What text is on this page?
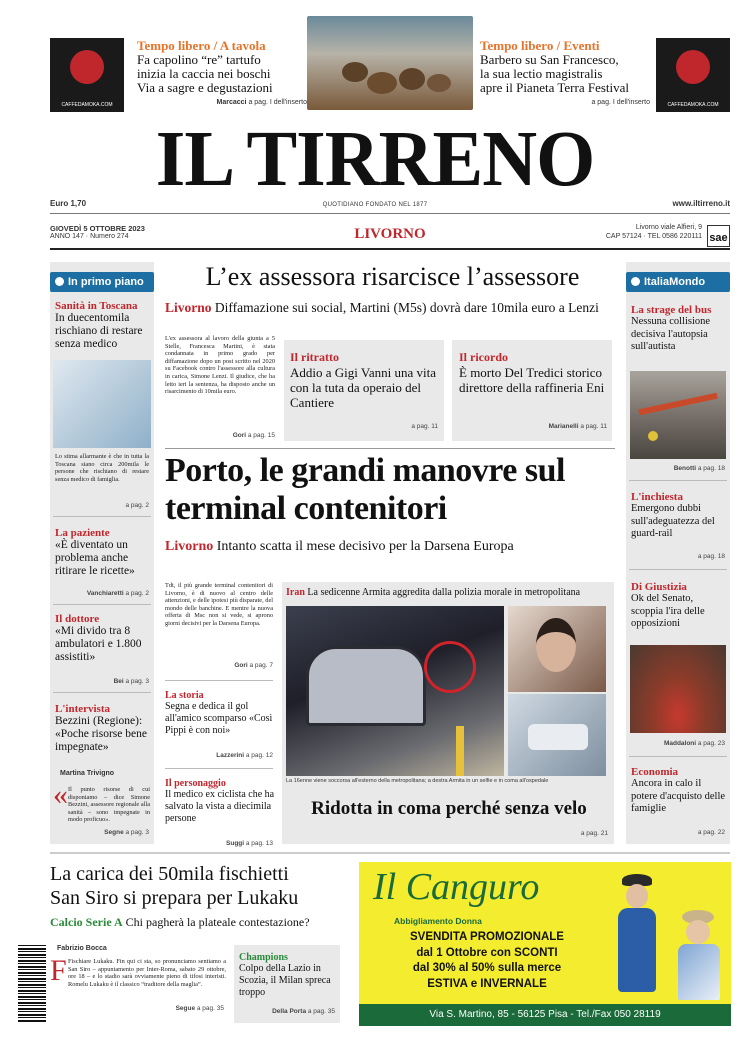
CAFFEDAMOKA.COM
Tempo libero / A tavola
Fa capolino “re” tartufo
inizia la caccia nei boschi
Via a sagre e degustazioni
Marcacci a pag. I dell'inserto
Tempo libero / Eventi
Barbero su San Francesco,
la sua lectio magistralis
apre il Pianeta Terra Festival
a pag. I dell'inserto	CAFFEDAMOKA.COM
IL TIRRENO
Euro 1,70	QUOTIDIANO FONDATO NEL 1877	www.iltirreno.it
GIOVEDÌ 5 OTTOBRE 2023
ANNO 147 · Numero 274	LIVORNO	Livorno viale Alfieri, 9
CAP 57124 · TEL 0586 220111 sae
In primo piano
Sanità in Toscana
In duecentomila rischiano di restare senza medico
Lo stima allarmante è che in tutta la Toscana siano circa 200mila le persone che rischiano di restare senza medico di famiglia.
a pag. 2
La paziente
«È diventato un problema anche ritirare le ricette»
Vanchiaretti a pag. 2
Il dottore
«Mi divido tra 8 ambulatori e 1.800 assistiti»
Bei a pag. 3
L'intervista
Bezzini (Regione): «Poche risorse bene impegnate»
Martina Trivigno
« Il punto risorse di cui disponiamo – dice Simone Bezzini, assessore regionale alla sanità – sono impegnate in modo proficuo».
Segne a pag. 3
L’ex assessora risarcisce l’assessore
Livorno Diffamazione sui social, Martini (M5s) dovrà dare 10mila euro a Lenzi
L'ex assessora al lavoro della giunta a 5 Stelle, Francesca Martini, è stata condannata in primo grado per diffamazione dopo un post scritto nel 2020 su Facebook contro l'assessore alla cultura in carica, Simone Lenzi. Il giudice, che ha letto ieri la sentenza, ha disposto anche un risarcimento di 10mila euro.
Gori a pag. 15
Il ritratto
Addio a Gigi Vanni una vita con la tuta da operaio del Cantiere
a pag. 11
Il ricordo
È morto Del Tredici storico direttore della raffineria Eni
Marianelli a pag. 11
Porto, le grandi manovre sul terminal contenitori
Livorno Intanto scatta il mese decisivo per la Darsena Europa
Tdt, il più grande terminal contenitori di Livorno, è di nuovo al centro delle attenzioni, e delle ipotesi più disparate, del mondo delle banchine. E mentre la nuova offerta di Msc non si vede, si aprono giorni decisivi per la Darsena Europa.
Gori a pag. 7
La storia
Segna e dedica il gol all'amico scomparso «Così Pippi è con noi»
Lazzerini a pag. 12
Il personaggio
Il medico ex ciclista che ha salvato la vista a diecimila persone
Suggi a pag. 13
Iran La sedicenne Armita aggredita dalla polizia morale in metropolitana
La 16enne viene soccorsa all'esterno della metropolitana; a destra Armita in un selfie e in coma all'ospedale
Ridotta in coma perché senza velo
a pag. 21
ItaliaMondo
La strage del bus
Nessuna collisione decisiva l'autopsia sull'autista
Benotti a pag. 18
L'inchiesta
Emergono dubbi sull'adeguatezza del guard-rail
a pag. 18
Di Giustizia
Ok del Senato, scoppia l'ira delle opposizioni
Maddaloni a pag. 23
Economia
Ancora in calo il potere d'acquisto delle famiglie
a pag. 22
La carica dei 50mila fischietti
San Siro si prepara per Lukaku
Calcio Serie A Chi pagherà la plateale contestazione?
Fabrizio Bocca
F Fischiare Lukaku. Fin qui ci sta, so pronunciamo sentiamo a San Siro – appuntamento per Inter-Roma, sabato 29 ottobre, ore 18 – e lo stadio sarà ovviamente pieno di tifosi interisti. Romelu Lukaku è il classico “traditore della maglia”.
Segue a pag. 35
Champions
Colpo della Lazio in Scozia, il Milan spreca troppo
Della Porta a pag. 35
Il Canguro
Abbigliamento Donna
SVENDITA PROMOZIONALE
dal 1 Ottobre con SCONTI
dal 30% al 50% sulla merce
ESTIVA e INVERNALE
Via S. Martino, 85 - 56125 Pisa - Tel./Fax 050 28119
